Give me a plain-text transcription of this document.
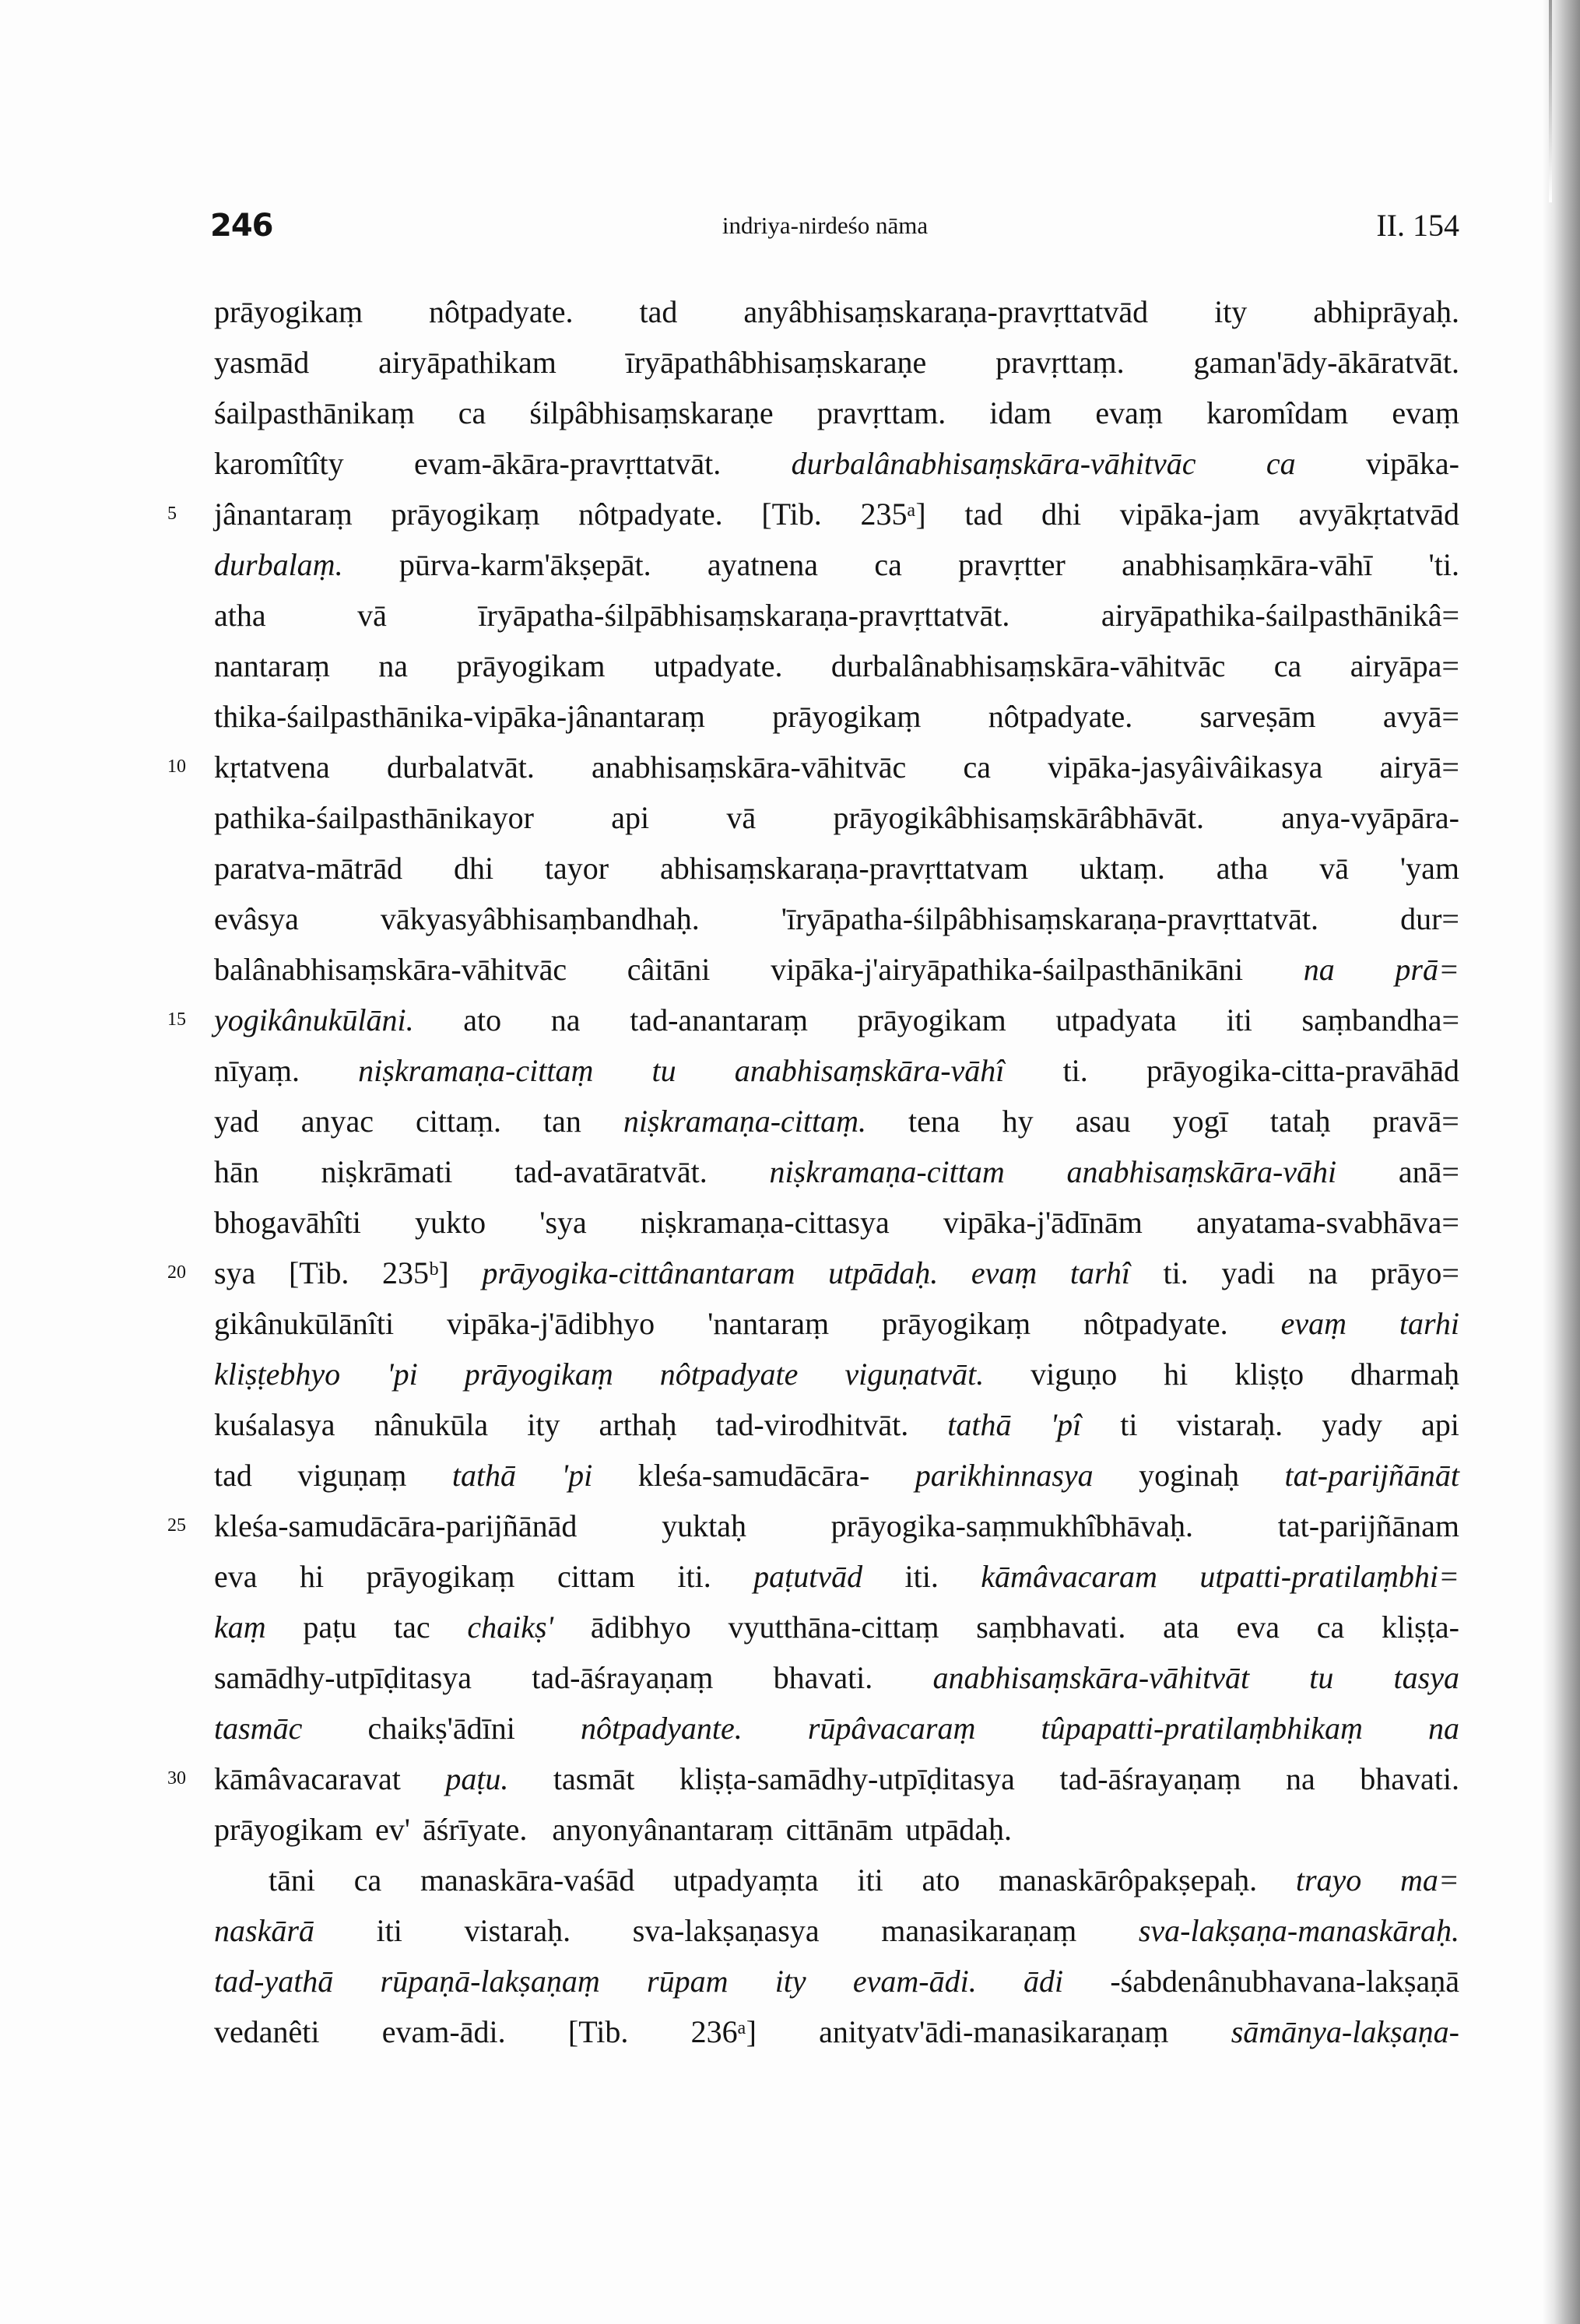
246	indriya-nirdeśo nāma	II. 154
prāyogikaṃ nôtpadyate. tad anyâbhisaṃskaraṇa-pravṛttatvād ity abhiprāyaḥ.
yasmād airyāpathikam īryāpathâbhisaṃskaraṇe pravṛttaṃ. gaman'ādy-ākāratvāt.
śailpasthānikaṃ ca śilpâbhisaṃskaraṇe pravṛttam. idam evaṃ karomîdam evaṃ
karomîtîty evam-ākāra-pravṛttatvāt. durbalânabhisaṃskāra-vāhitvāc ca vipāka-
5	jânantaraṃ prāyogikaṃ nôtpadyate. [Tib. 235ᵃ] tad dhi vipāka-jam avyākṛtatvād
durbalaṃ. pūrva-karm'ākṣepāt. ayatnena ca pravṛtter anabhisaṃkāra-vāhī 'ti.
atha	vā	īryāpatha-śilpābhisaṃskaraṇa-pravṛttatvāt.	airyāpathika-śailpasthānikâ=
nantaraṃ na prāyogikam utpadyate. durbalânabhisaṃskāra-vāhitvāc ca airyāpa=
thika-śailpasthānika-vipāka-jânantaraṃ prāyogikaṃ nôtpadyate. sarveṣām avyā=
10 kṛtatvena durbalatvāt. anabhisaṃskāra-vāhitvāc ca vipāka-jasyâivâikasya airyā=
pathika-śailpasthānikayor api vā prāyogikâbhisaṃskārâbhāvāt. anya-vyāpāra-
paratva-mātrād dhi tayor abhisaṃskaraṇa-pravṛttatvam uktaṃ. atha vā 'yam
evâsya	vākyasyâbhisaṃbandhaḥ.	'īryāpatha-śilpâbhisaṃskaraṇa-pravṛttatvāt.	dur=
balânabhisaṃskāra-vāhitvāc câitāni vipāka-j'airyāpathika-śailpasthānikāni na prā=
15 yogikânukūlāni. ato na tad-anantaraṃ prāyogikam utpadyata iti saṃbandha=
nīyaṃ. niṣkramaṇa-cittaṃ tu anabhisaṃskāra-vāhî ti. prāyogika-citta-pravāhād
yad anyac cittaṃ. tan niṣkramaṇa-cittaṃ. tena hy asau yogī tataḥ pravā=
hān niṣkrāmati tad-avatāratvāt. niṣkramaṇa-cittam anabhisaṃskāra-vāhi anā=
bhogavāhîti yukto 'sya niṣkramaṇa-cittasya vipāka-j'ādīnām anyatama-svabhāva=
20 sya [Tib. 235ᵇ] prāyogika-cittânantaram utpādaḥ. evaṃ tarhî ti. yadi na prāyo=
gikânukūlānîti vipāka-j'ādibhyo 'nantaraṃ prāyogikaṃ nôtpadyate. evaṃ tarhi
kliṣṭebhyo 'pi prāyogikaṃ nôtpadyate viguṇatvāt. viguṇo hi kliṣṭo dharmaḥ
kuśalasya nânukūla ity arthaḥ tad-virodhitvāt. tathā 'pî ti vistaraḥ. yady api
tad viguṇaṃ tathā 'pi kleśa-samudācāra- parikhinnasya yoginaḥ tat-parijñānāt
25 kleśa-samudācāra-parijñānād	yuktaḥ	prāyogika-saṃmukhîbhāvaḥ.	tat-parijñānam
eva hi prāyogikaṃ cittam iti. paṭutvād iti. kāmâvacaram utpatti-pratilaṃbhi=
kaṃ paṭu tac chaikṣ' ādibhyo vyutthāna-cittaṃ saṃbhavati. ata eva ca kliṣṭa-
samādhy-utpīḍitasya tad-āśrayaṇaṃ bhavati. anabhisaṃskāra-vāhitvāt tu tasya
tasmāc chaikṣ'ādīni nôtpadyante. rūpâvacaraṃ tûpapatti-pratilaṃbhikaṃ na
30 kāmâvacaravat paṭu. tasmāt kliṣṭa-samādhy-utpīḍitasya tad-āśrayaṇaṃ na bhavati.
prāyogikam ev' āśrīyate.  anyonyânantaraṃ cittānām utpādaḥ.
tāni ca manaskāra-vaśād utpadyaṃta iti ato manaskārôpakṣepaḥ. trayo ma=
naskārā iti vistaraḥ. sva-lakṣaṇasya manasikaraṇaṃ sva-lakṣaṇa-manaskāraḥ.
tad-yathā rūpaṇā-lakṣaṇaṃ rūpam ity evam-ādi. ādi -śabdenânubhavana-lakṣaṇā
vedanêti evam-ādi. [Tib. 236ᵃ] anityatv'ādi-manasikaraṇaṃ sāmānya-lakṣaṇa-
